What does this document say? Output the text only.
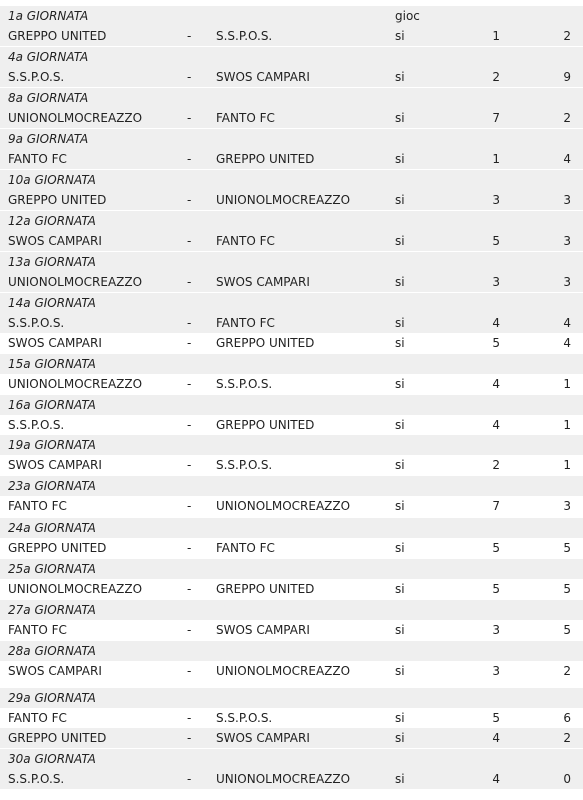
1a GIORNATA	gioc
GREPPO UNITED	- S.S.P.O.S.	si	1	2
4a GIORNATA
S.S.P.O.S.	- SWOS CAMPARI	si	2	9
8a GIORNATA
UNIONOLMOCREAZZO	- FANTO FC	si	7	2
9a GIORNATA
FANTO FC	- GREPPO UNITED	si	1	4
10a GIORNATA
GREPPO UNITED	- UNIONOLMOCREAZZO	si	3	3
12a GIORNATA
SWOS CAMPARI	- FANTO FC	si	5	3
13a GIORNATA
UNIONOLMOCREAZZO	- SWOS CAMPARI	si	3	3
14a GIORNATA
S.S.P.O.S.	- FANTO FC	si	4	4
SWOS CAMPARI	- GREPPO UNITED	si	5	4
15a GIORNATA
UNIONOLMOCREAZZO	- S.S.P.O.S.	si	4	1
16a GIORNATA
S.S.P.O.S.	- GREPPO UNITED	si	4	1
19a GIORNATA
SWOS CAMPARI	- S.S.P.O.S.	si	2	1
23a GIORNATA
FANTO FC	- UNIONOLMOCREAZZO	si	7	3
24a GIORNATA
GREPPO UNITED	- FANTO FC	si	5	5
25a GIORNATA
UNIONOLMOCREAZZO	- GREPPO UNITED	si	5	5
27a GIORNATA
FANTO FC	- SWOS CAMPARI	si	3	5
28a GIORNATA
SWOS CAMPARI	- UNIONOLMOCREAZZO	si	3	2
29a GIORNATA
FANTO FC	- S.S.P.O.S.	si	5	6
GREPPO UNITED	- SWOS CAMPARI	si	4	2
30a GIORNATA
S.S.P.O.S.	- UNIONOLMOCREAZZO	si	4	0
